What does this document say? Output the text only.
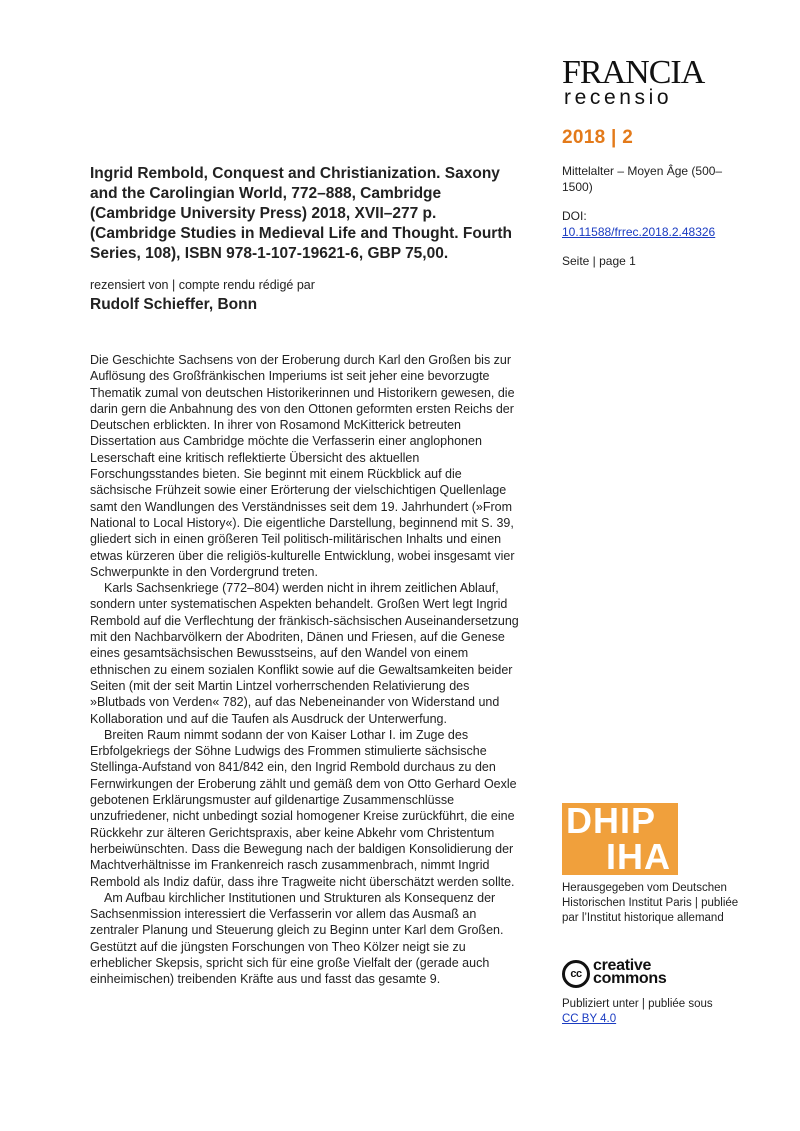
FRANCIA
recensio
2018 | 2

Mittelalter – Moyen Âge (500–1500)

DOI:
10.11588/frrec.2018.2.48326

Seite | page 1

Ingrid Rembold, Conquest and Christianization. Saxony and the Carolingian World, 772–888, Cambridge (Cambridge University Press) 2018, XVII–277 p. (Cambridge Studies in Medieval Life and Thought. Fourth Series, 108), ISBN 978-1-107-19621-6, GBP 75,00.
rezensiert von | compte rendu rédigé par
Rudolf Schieffer, Bonn

Die Geschichte Sachsens von der Eroberung durch Karl den Großen bis zur Auflösung des Großfränkischen Imperiums ist seit jeher eine bevorzugte Thematik zumal von deutschen Historikerinnen und Historikern gewesen, die darin gern die Anbahnung des von den Ottonen geformten ersten Reichs der Deutschen erblickten. In ihrer von Rosamond McKitterick betreuten Dissertation aus Cambridge möchte die Verfasserin einer anglophonen Leserschaft eine kritisch reflektierte Übersicht des aktuellen Forschungsstandes bieten. Sie beginnt mit einem Rückblick auf die sächsische Frühzeit sowie einer Erörterung der vielschichtigen Quellenlage samt den Wandlungen des Verständnisses seit dem 19. Jahrhundert (»From National to Local History«). Die eigentliche Darstellung, beginnend mit S. 39, gliedert sich in einen größeren Teil politisch-militärischen Inhalts und einen etwas kürzeren über die religiös-kulturelle Entwicklung, wobei insgesamt vier Schwerpunkte in den Vordergrund treten.

Karls Sachsenkriege (772–804) werden nicht in ihrem zeitlichen Ablauf, sondern unter systematischen Aspekten behandelt. Großen Wert legt Ingrid Rembold auf die Verflechtung der fränkisch-sächsischen Auseinandersetzung mit den Nachbarvölkern der Abodriten, Dänen und Friesen, auf die Genese eines gesamtsächsischen Bewusstseins, auf den Wandel von einem ethnischen zu einem sozialen Konflikt sowie auf die Gewaltsamkeiten beider Seiten (mit der seit Martin Lintzel vorherrschenden Relativierung des »Blutbads von Verden« 782), auf das Nebeneinander von Widerstand und Kollaboration und auf die Taufen als Ausdruck der Unterwerfung.

Breiten Raum nimmt sodann der von Kaiser Lothar I. im Zuge des Erbfolgekriegs der Söhne Ludwigs des Frommen stimulierte sächsische Stellinga-Aufstand von 841/842 ein, den Ingrid Rembold durchaus zu den Fernwirkungen der Eroberung zählt und gemäß dem von Otto Gerhard Oexle gebotenen Erklärungsmuster auf gildenartige Zusammenschlüsse unzufriedener, nicht unbedingt sozial homogener Kreise zurückführt, die eine Rückkehr zur älteren Gerichtspraxis, aber keine Abkehr vom Christentum herbeiwünschten. Dass die Bewegung nach der baldigen Konsolidierung der Machtverhältnisse im Frankenreich rasch zusammenbrach, nimmt Ingrid Rembold als Indiz dafür, dass ihre Tragweite nicht überschätzt werden sollte.

Am Aufbau kirchlicher Institutionen und Strukturen als Konsequenz der Sachsenmission interessiert die Verfasserin vor allem das Ausmaß an zentraler Planung und Steuerung gleich zu Beginn unter Karl dem Großen. Gestützt auf die jüngsten Forschungen von Theo Kölzer neigt sie zu erheblicher Skepsis, spricht sich für eine große Vielfalt der (gerade auch einheimischen) treibenden Kräfte aus und fasst das gesamte 9.

DHIP
IHA
Herausgegeben vom Deutschen Historischen Institut Paris | publiée par l’Institut historique allemand
cc creative
commons
Publiziert unter | publiée sous
CC BY 4.0
